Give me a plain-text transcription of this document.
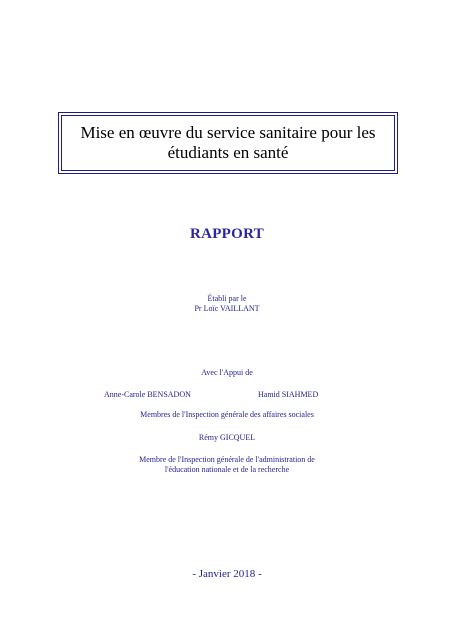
Mise en œuvre du service sanitaire pour les étudiants en santé
RAPPORT
Établi par le
Pr Loïc VAILLANT
Avec l'Appui de
Anne-Carole BENSADON	Hamid SIAHMED
Membres de l'Inspection générale des affaires sociales
Rémy GICQUEL
Membre de l'Inspection générale de l'administration de l'éducation nationale et de la recherche
- Janvier 2018 -
